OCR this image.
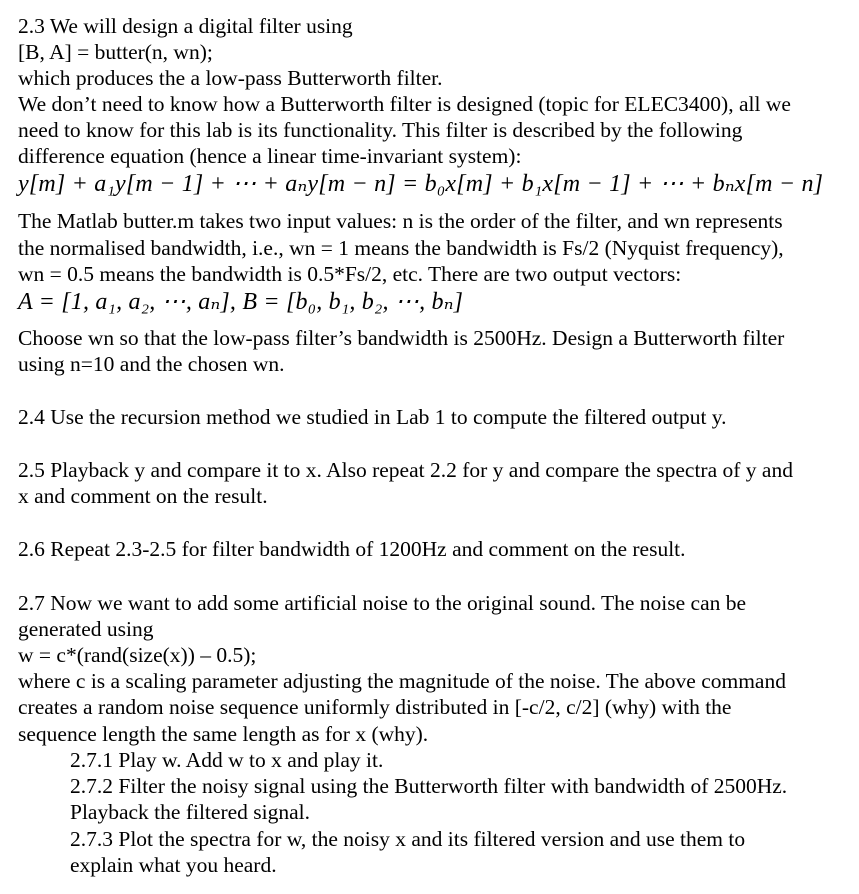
2.3 We will design a digital filter using
[B, A] = butter(n, wn);
which produces the a low-pass Butterworth filter.
We don’t need to know how a Butterworth filter is designed (topic for ELEC3400), all we
need to know for this lab is its functionality. This filter is described by the following
difference equation (hence a linear time-invariant system):
y[m] + a₁y[m − 1] + ⋯ + aₙy[m − n] = b₀x[m] + b₁x[m − 1] + ⋯ + bₙx[m − n]
The Matlab butter.m takes two input values: n is the order of the filter, and wn represents
the normalised bandwidth, i.e., wn = 1 means the bandwidth is Fs/2 (Nyquist frequency),
wn = 0.5 means the bandwidth is 0.5*Fs/2, etc. There are two output vectors:
A = [1, a₁, a₂, ⋯, aₙ], B = [b₀, b₁, b₂, ⋯, bₙ]
Choose wn so that the low-pass filter’s bandwidth is 2500Hz. Design a Butterworth filter
using n=10 and the chosen wn.
2.4 Use the recursion method we studied in Lab 1 to compute the filtered output y.
2.5 Playback y and compare it to x. Also repeat 2.2 for y and compare the spectra of y and
x and comment on the result.
2.6 Repeat 2.3-2.5 for filter bandwidth of 1200Hz and comment on the result.
2.7 Now we want to add some artificial noise to the original sound. The noise can be
generated using
w = c*(rand(size(x)) – 0.5);
where c is a scaling parameter adjusting the magnitude of the noise. The above command
creates a random noise sequence uniformly distributed in [-c/2, c/2] (why) with the
sequence length the same length as for x (why).
2.7.1 Play w. Add w to x and play it.
2.7.2 Filter the noisy signal using the Butterworth filter with bandwidth of 2500Hz.
Playback the filtered signal.
2.7.3 Plot the spectra for w, the noisy x and its filtered version and use them to
explain what you heard.
